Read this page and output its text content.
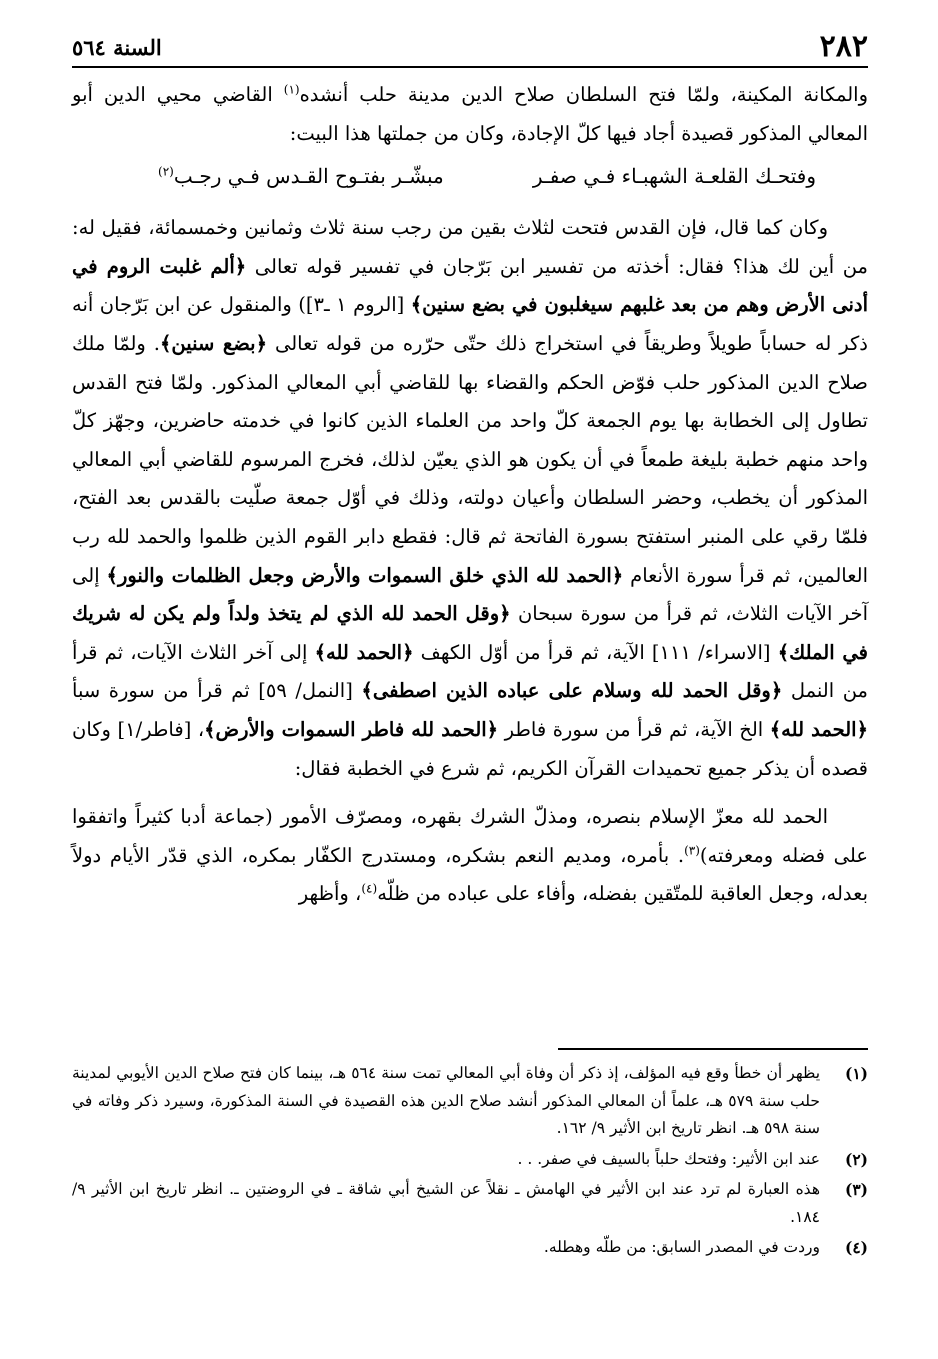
٢٨٢
السنة ٥٦٤

والمكانة المكينة، ولمّا فتح السلطان صلاح الدين مدينة حلب أنشده$^{(١)}$ القاضي محيي الدين أبو المعالي المذكور قصيدة أجاد فيها كلّ الإجادة، وكان من جملتها هذا البيت:

وفتحـك القلعـة الشهبـاء فـي صفـر
مبشّـر بفتـوح القـدس فـي رجـب$^{(٢)}$

وكان كما قال، فإن القدس فتحت لثلاث بقين من رجب سنة ثلاث وثمانين وخمسمائة، فقيل له: من أين لك هذا؟ فقال: أخذته من تفسير ابن بَرّجان في تفسير قوله تعالى ﴿ألم غلبت الروم في أدنى الأرض وهم من بعد غلبهم سيغلبون في بضع سنين﴾ [الروم ١ ـ٣]) والمنقول عن ابن بَرّجان أنه ذكر له حساباً طويلاً وطريقاً في استخراج ذلك حتّى حرّره من قوله تعالى ﴿بضع سنين﴾. ولمّا ملك صلاح الدين المذكور حلب فوّض الحكم والقضاء بها للقاضي أبي المعالي المذكور. ولمّا فتح القدس تطاول إلى الخطابة بها يوم الجمعة كلّ واحد من العلماء الذين كانوا في خدمته حاضرين، وجهّز كلّ واحد منهم خطبة بليغة طمعاً في أن يكون هو الذي يعيّن لذلك، فخرج المرسوم للقاضي أبي المعالي المذكور أن يخطب، وحضر السلطان وأعيان دولته، وذلك في أوّل جمعة صلّيت بالقدس بعد الفتح، فلمّا رقي على المنبر استفتح بسورة الفاتحة ثم قال: فقطع دابر القوم الذين ظلموا والحمد لله رب العالمين، ثم قرأ سورة الأنعام ﴿الحمد لله الذي خلق السموات والأرض وجعل الظلمات والنور﴾ إلى آخر الآيات الثلاث، ثم قرأ من سورة سبحان ﴿وقل الحمد لله الذي لم يتخذ ولداً ولم يكن له شريك في الملك﴾ [الاسراء/ ١١١] الآية، ثم قرأ من أوّل الكهف ﴿الحمد لله﴾ إلى آخر الثلاث الآيات، ثم قرأ من النمل ﴿وقل الحمد لله وسلام على عباده الذين اصطفى﴾ [النمل/ ٥٩] ثم قرأ من سورة سبأ ﴿الحمد لله﴾ الخ الآية، ثم قرأ من سورة فاطر ﴿الحمد لله فاطر السموات والأرض﴾، [فاطر/١] وكان قصده أن يذكر جميع تحميدات القرآن الكريم، ثم شرع في الخطبة فقال:

الحمد لله معزّ الإسلام بنصره، ومذلّ الشرك بقهره، ومصرّف الأمور (جماعة أدبا كثيراً واتفقوا على فضله ومعرفته)$^{(٣)}$. بأمره، ومديم النعم بشكره، ومستدرج الكفّار بمكره، الذي قدّر الأيام دولاً بعدله، وجعل العاقبة للمتّقين بفضله، وأفاء على عباده من ظلّه$^{(٤)}$، وأظهر

(١)
يظهر أن خطأ وقع فيه المؤلف، إذ ذكر أن وفاة أبي المعالي تمت سنة ٥٦٤ هـ، بينما كان فتح صلاح الدين الأيوبي لمدينة حلب سنة ٥٧٩ هـ، علماً أن المعالي المذكور أنشد صلاح الدين هذه القصيدة في السنة المذكورة، وسيرد ذكر وفاته في سنة ٥٩٨ هـ. انظر تاريخ ابن الأثير ٩/ ١٦٢.
(٢)
عند ابن الأثير: وفتحك حلباً بالسيف في صفر. . .
(٣)
هذه العبارة لم ترد عند ابن الأثير في الهامش ـ نقلاً عن الشيخ أبي شاقة ـ في الروضتين ـ. انظر تاريخ ابن الأثير ٩/ ١٨٤.
(٤)
وردت في المصدر السابق: من طلّه وهطله.
